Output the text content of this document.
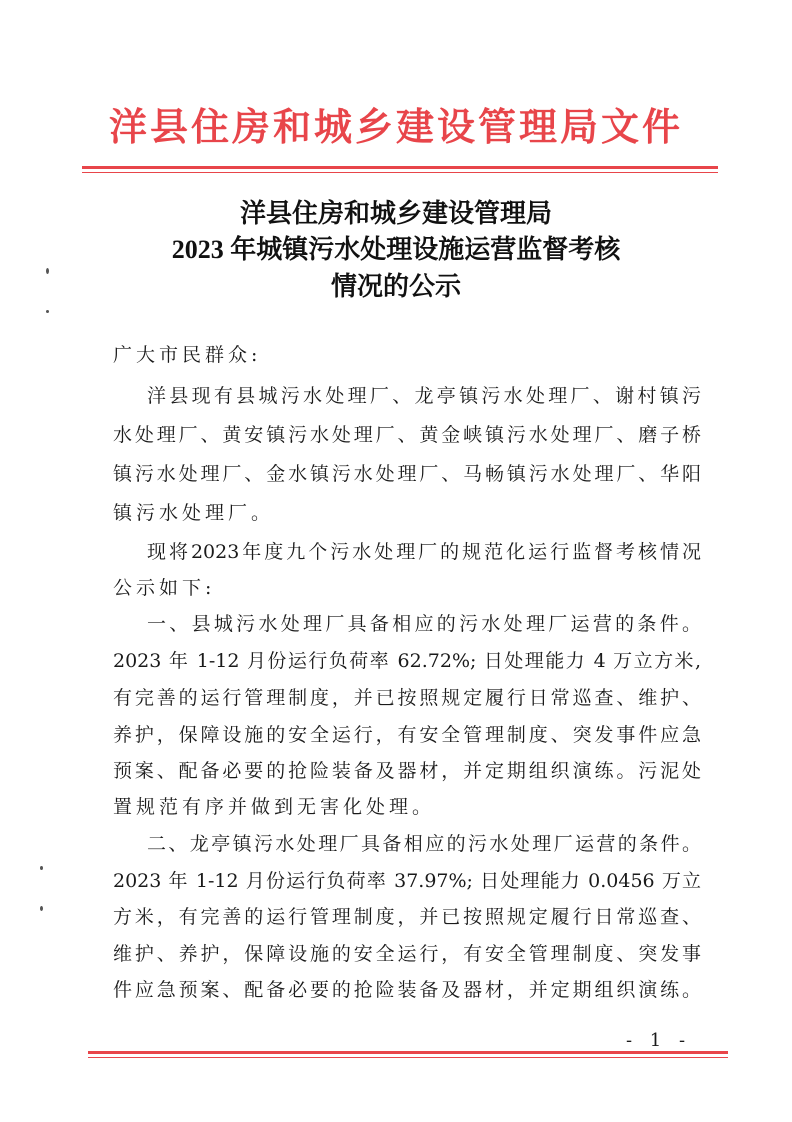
洋县住房和城乡建设管理局文件
洋县住房和城乡建设管理局
2023 年城镇污水处理设施运营监督考核
情况的公示
广大市民群众:
洋县现有县城污水处理厂、龙亭镇污水处理厂、谢村镇污
水处理厂、黄安镇污水处理厂、黄金峡镇污水处理厂、磨子桥
镇污水处理厂、金水镇污水处理厂、马畅镇污水处理厂、华阳
镇污水处理厂。
现将2023年度九个污水处理厂的规范化运行监督考核情况
公示如下:
一、县城污水处理厂具备相应的污水处理厂运营的条件。
2023 年 1-12 月份运行负荷率 62.72%; 日处理能力 4 万立方米,
有完善的运行管理制度，并已按照规定履行日常巡查、维护、
养护，保障设施的安全运行，有安全管理制度、突发事件应急
预案、配备必要的抢险装备及器材，并定期组织演练。污泥处
置规范有序并做到无害化处理。
二、龙亭镇污水处理厂具备相应的污水处理厂运营的条件。
2023 年 1-12 月份运行负荷率 37.97%; 日处理能力 0.0456 万立
方米，有完善的运行管理制度，并已按照规定履行日常巡查、
维护、养护，保障设施的安全运行，有安全管理制度、突发事
件应急预案、配备必要的抢险装备及器材，并定期组织演练。
- 1 -
